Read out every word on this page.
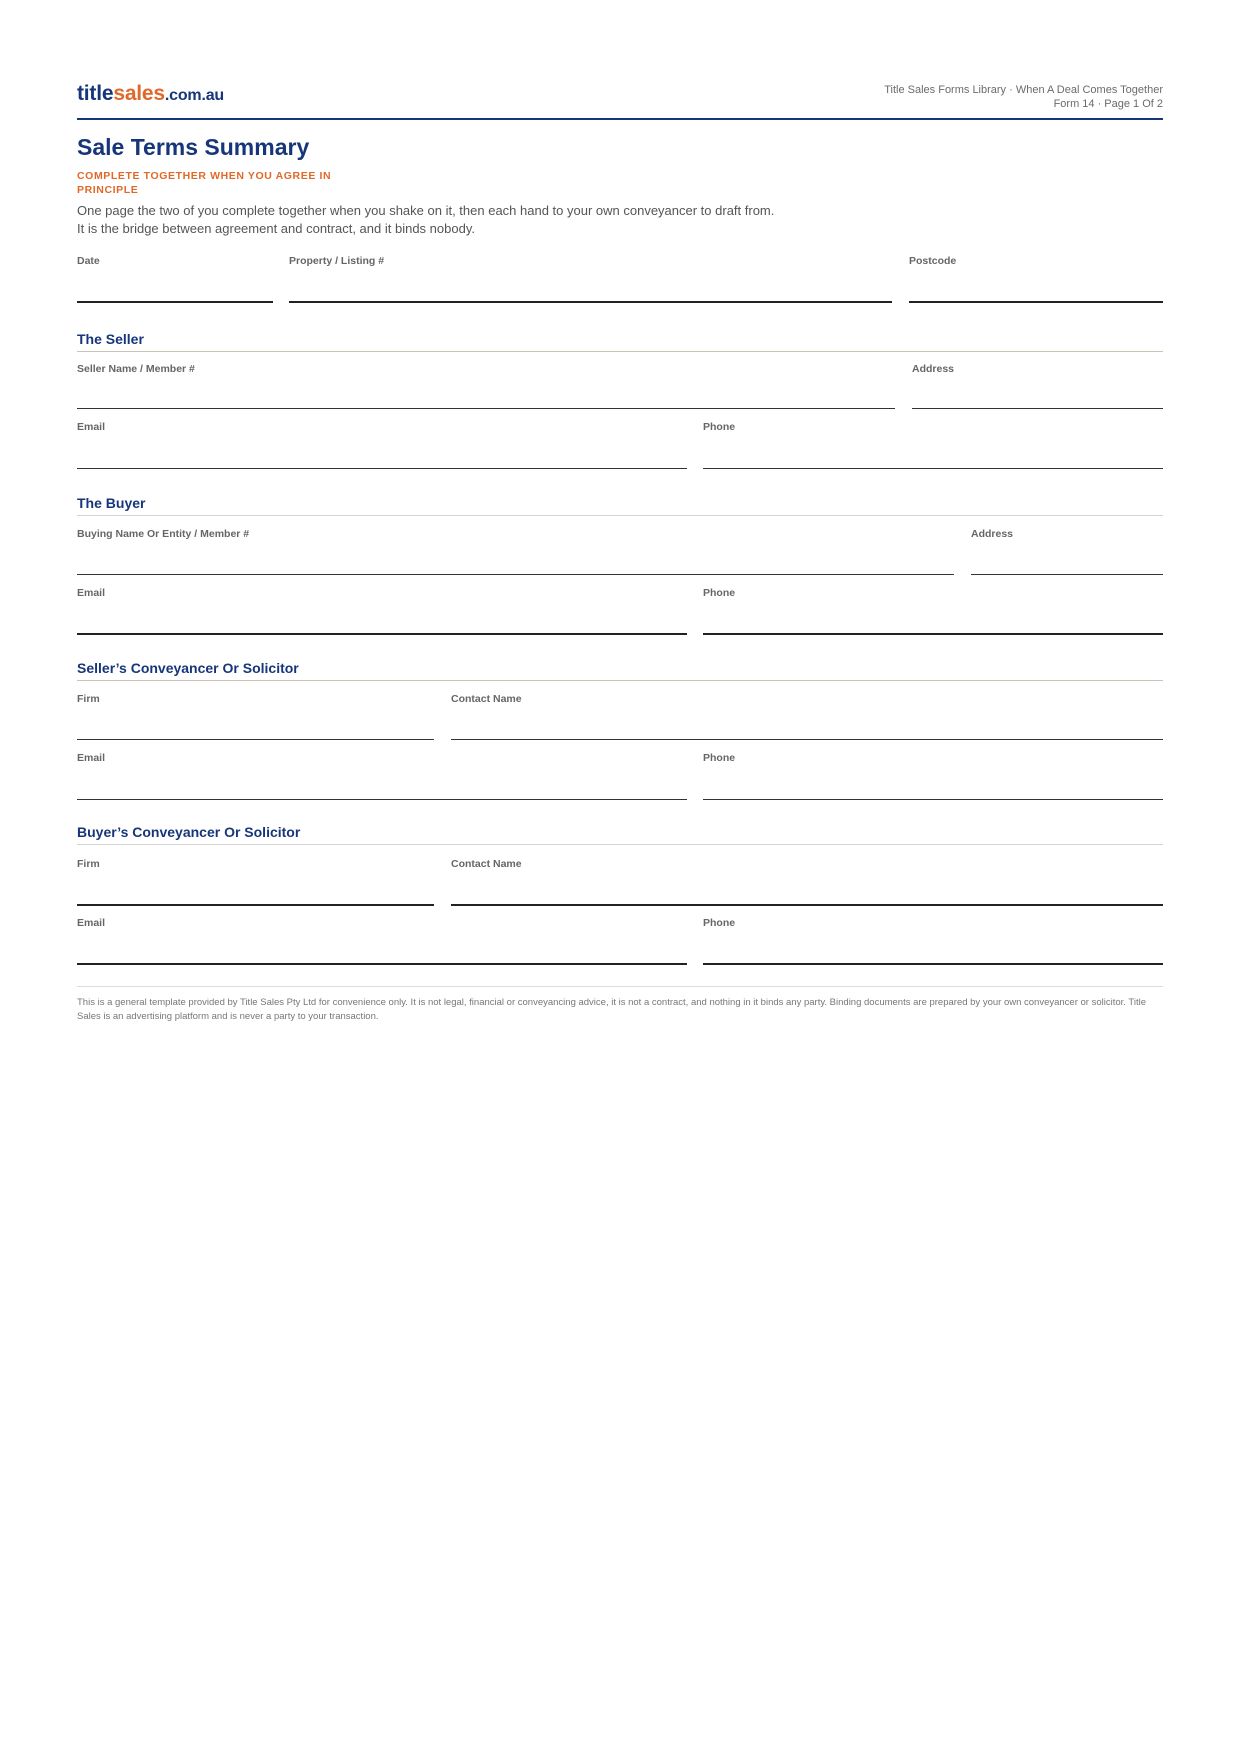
titlesales.com.au	Title Sales Forms Library · When A Deal Comes Together
Form 14 · Page 1 Of 2
Sale Terms Summary
COMPLETE TOGETHER WHEN YOU AGREE IN PRINCIPLE
One page the two of you complete together when you shake on it, then each hand to your own conveyancer to draft from.
It is the bridge between agreement and contract, and it binds nobody.
Date	Property / Listing #	Postcode
The Seller
Seller Name / Member #	Address
Email	Phone
The Buyer
Buying Name Or Entity / Member #	Address
Email	Phone
Seller’s Conveyancer Or Solicitor
Firm	Contact Name
Email	Phone
Buyer’s Conveyancer Or Solicitor
Firm	Contact Name
Email	Phone
This is a general template provided by Title Sales Pty Ltd for convenience only. It is not legal, financial or conveyancing advice, it is not a contract, and nothing in it binds any party. Binding documents are prepared by your own conveyancer or solicitor. Title Sales is an advertising platform and is never a party to your transaction.
